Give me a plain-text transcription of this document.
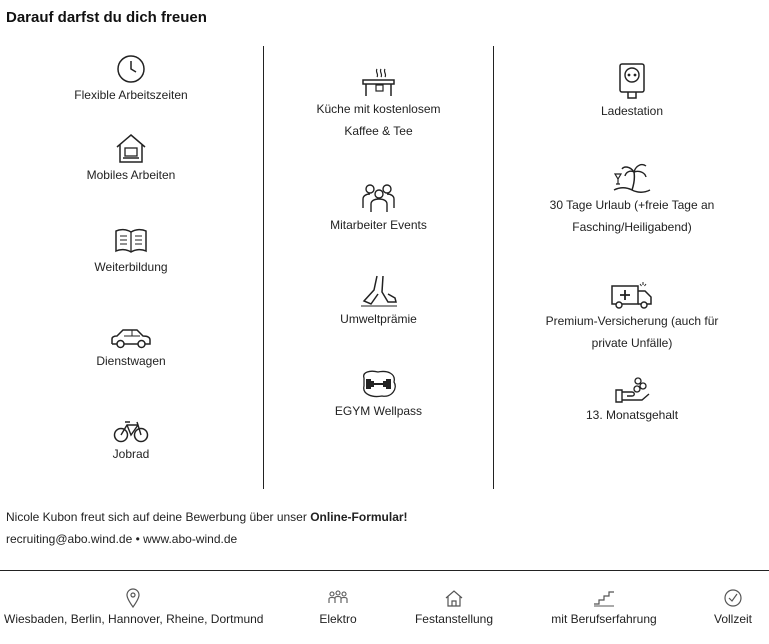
Darauf darfst du dich freuen
Flexible Arbeitszeiten
Mobiles Arbeiten
Weiterbildung
Dienstwagen
Jobrad
Küche mit kostenlosem
Kaffee & Tee
Mitarbeiter Events
Umweltprämie
EGYM Wellpass
Ladestation
30 Tage Urlaub (+freie Tage an
Fasching/Heiligabend)
Premium-Versicherung (auch für
private Unfälle)
13. Monatsgehalt
Nicole Kubon freut sich auf deine Bewerbung über unser Online-Formular!
recruiting@abo.wind.de • www.abo-wind.de
Wiesbaden, Berlin, Hannover, Rheine, Dortmund	Elektro	Festanstellung	mit Berufserfahrung	Vollzeit
